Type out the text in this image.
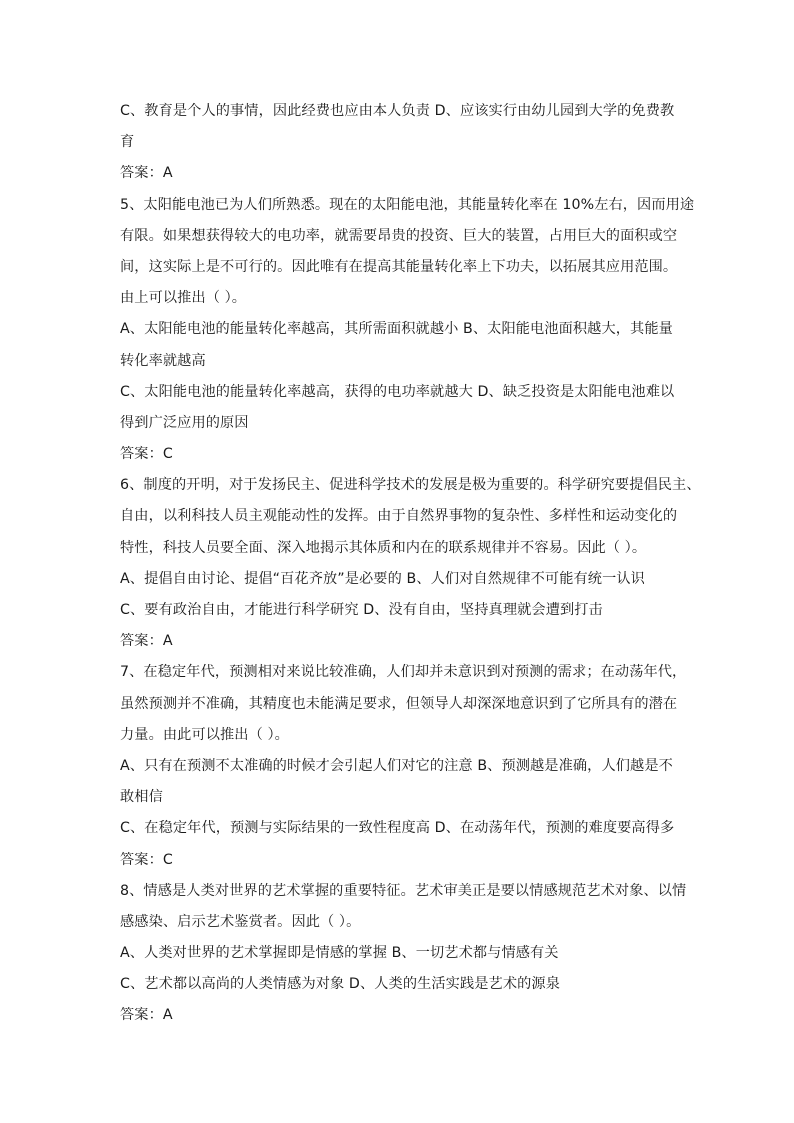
C、教育是个人的事情，因此经费也应由本人负责 D、应该实行由幼儿园到大学的免费教
育
答案：A
5、太阳能电池已为人们所熟悉。现在的太阳能电池，其能量转化率在 10%左右，因而用途
有限。如果想获得较大的电功率，就需要昂贵的投资、巨大的装置，占用巨大的面积或空
间，这实际上是不可行的。因此唯有在提高其能量转化率上下功夫，以拓展其应用范围。
由上可以推出（ ）。
A、太阳能电池的能量转化率越高，其所需面积就越小 B、太阳能电池面积越大，其能量
转化率就越高
C、太阳能电池的能量转化率越高，获得的电功率就越大 D、缺乏投资是太阳能电池难以
得到广泛应用的原因
答案：C
6、制度的开明，对于发扬民主、促进科学技术的发展是极为重要的。科学研究要提倡民主、
自由，以利科技人员主观能动性的发挥。由于自然界事物的复杂性、多样性和运动变化的
特性，科技人员要全面、深入地揭示其体质和内在的联系规律并不容易。因此（ ）。
A、提倡自由讨论、提倡“百花齐放”是必要的 B、人们对自然规律不可能有统一认识
C、要有政治自由，才能进行科学研究 D、没有自由，坚持真理就会遭到打击
答案：A
7、在稳定年代，预测相对来说比较准确，人们却并未意识到对预测的需求；在动荡年代，
虽然预测并不准确，其精度也未能满足要求，但领导人却深深地意识到了它所具有的潜在
力量。由此可以推出（ ）。
A、只有在预测不太准确的时候才会引起人们对它的注意 B、预测越是准确，人们越是不
敢相信
C、在稳定年代，预测与实际结果的一致性程度高 D、在动荡年代，预测的难度要高得多
答案：C
8、情感是人类对世界的艺术掌握的重要特征。艺术审美正是要以情感规范艺术对象、以情
感感染、启示艺术鉴赏者。因此（ ）。
A、人类对世界的艺术掌握即是情感的掌握 B、一切艺术都与情感有关
C、艺术都以高尚的人类情感为对象 D、人类的生活实践是艺术的源泉
答案：A
